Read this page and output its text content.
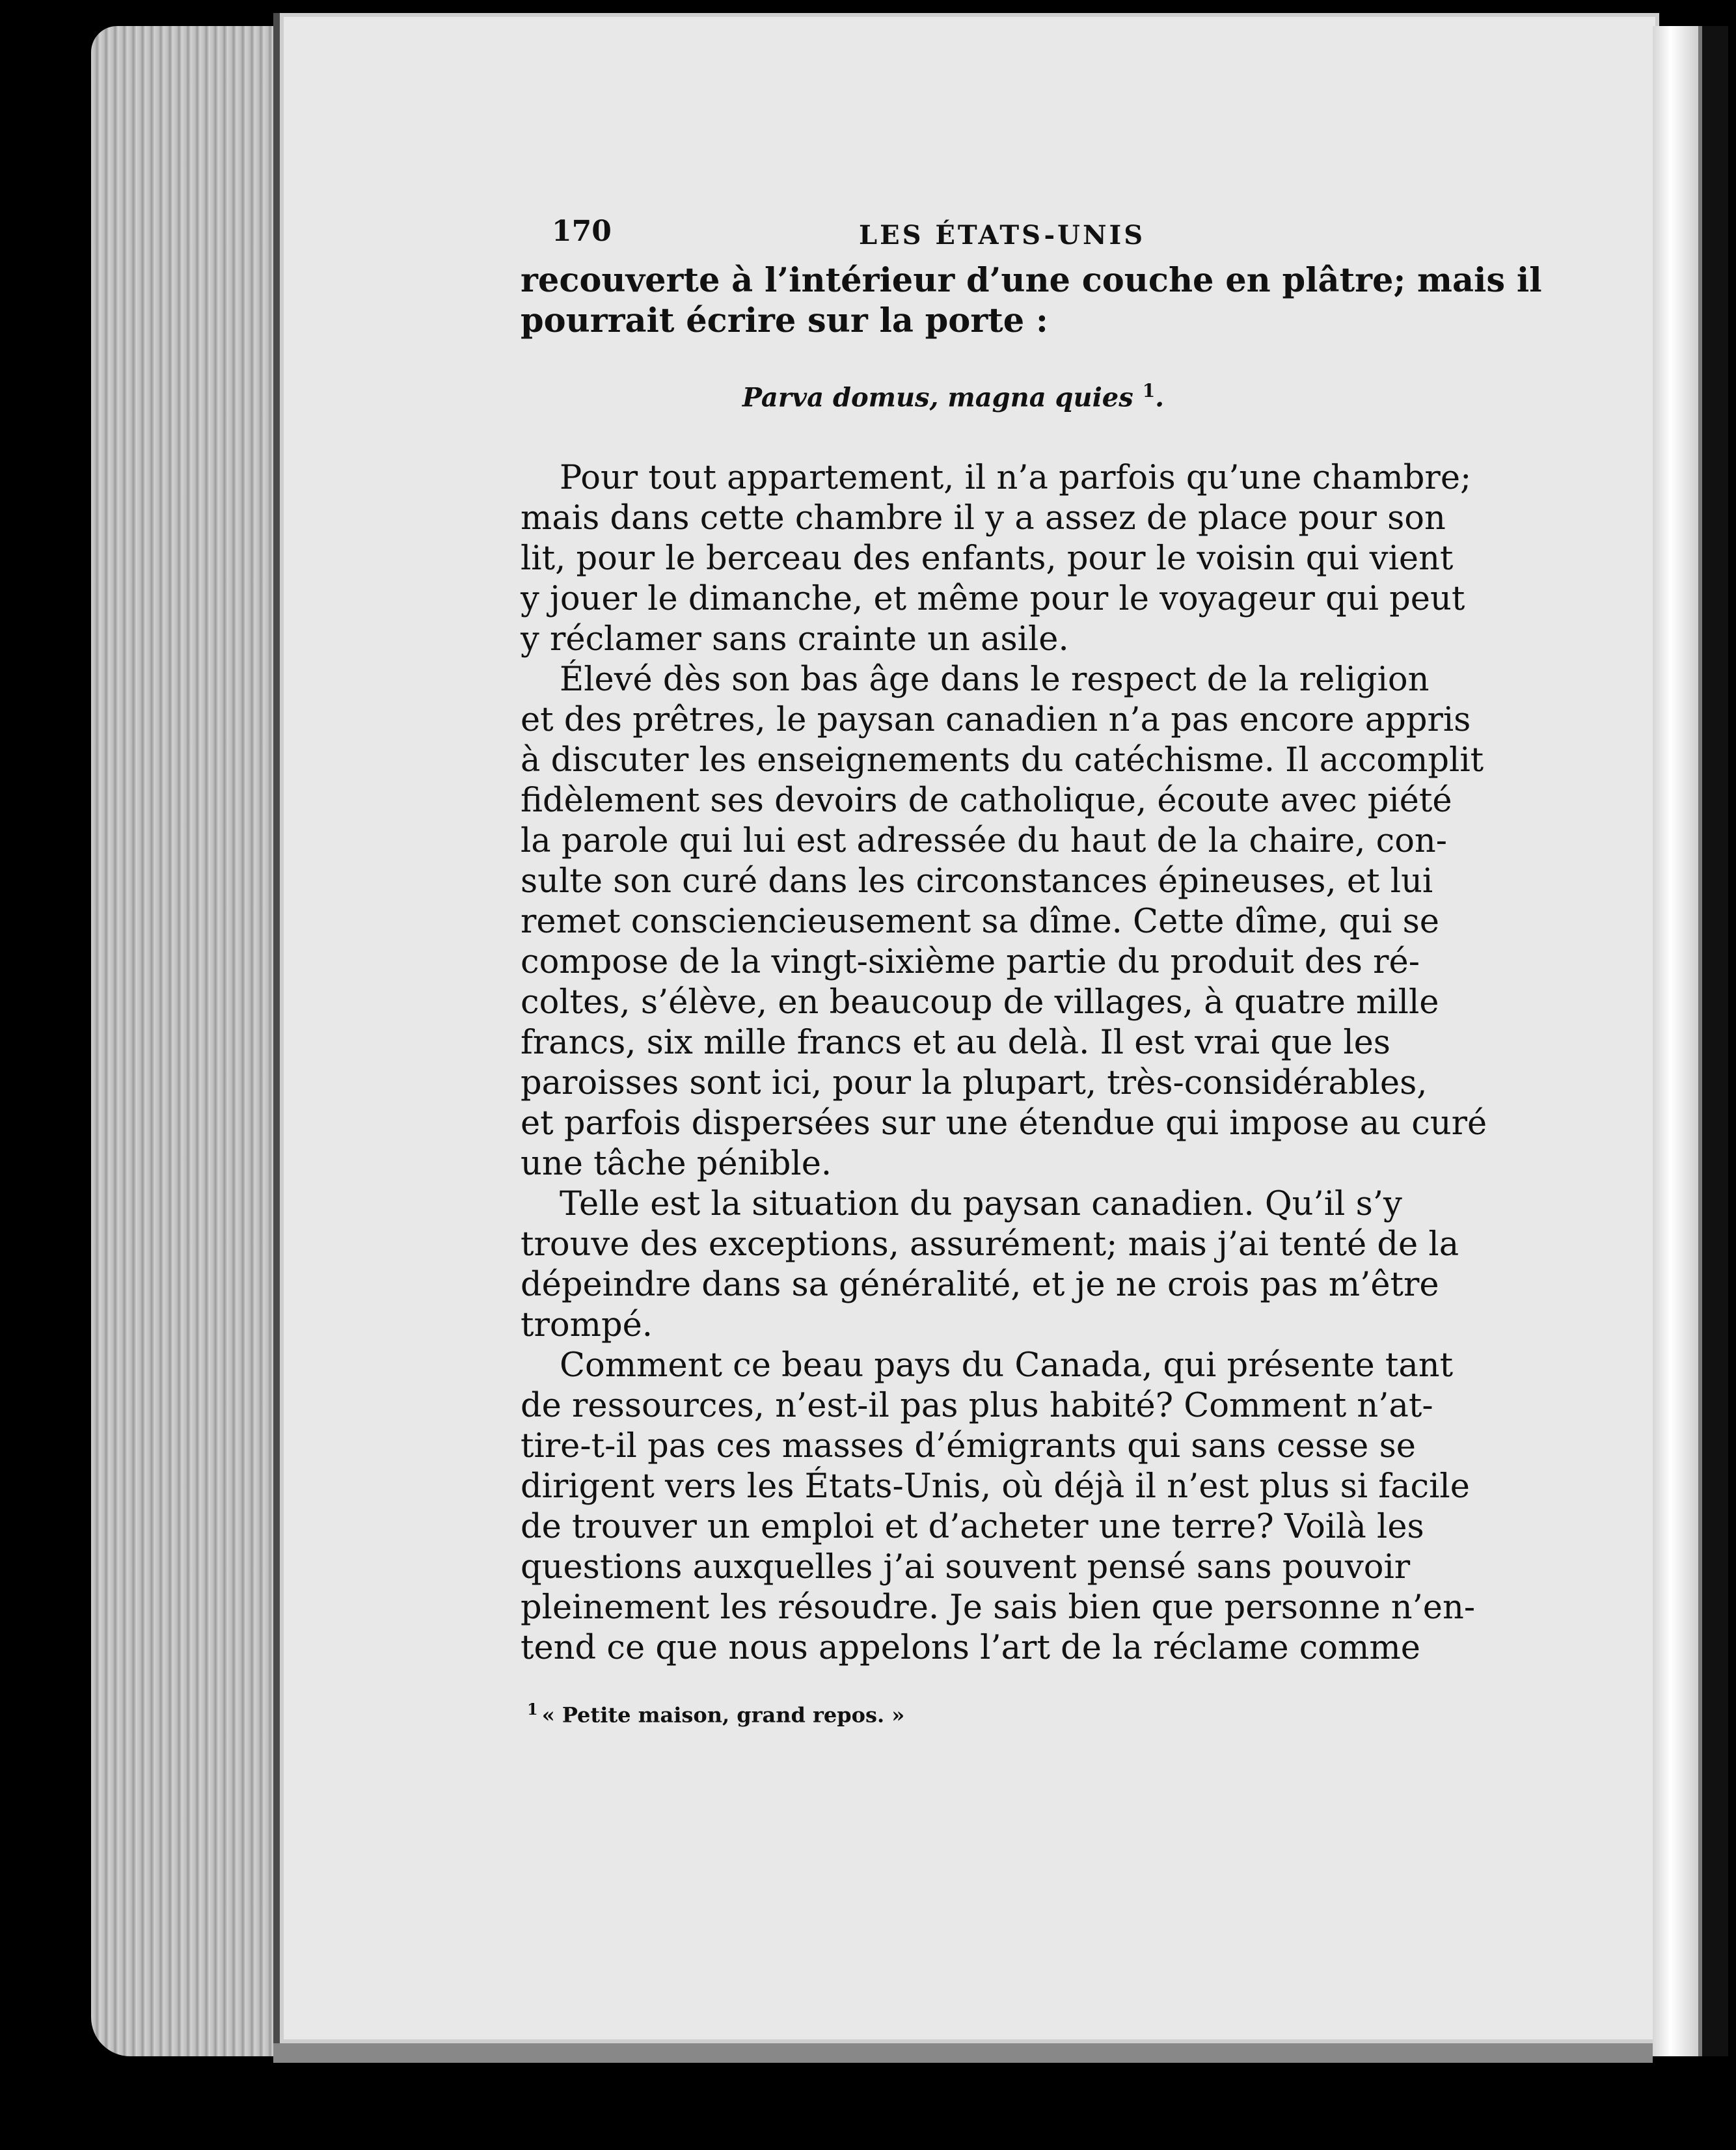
170	LES ÉTATS-UNIS

recouverte à l’intérieur d’une couche en plâtre; mais il

pourrait écrire sur la porte :

Parva domus, magna quies $^1$.

Pour tout appartement, il n’a parfois qu’une chambre;

mais dans cette chambre il y a assez de place pour son

lit, pour le berceau des enfants, pour le voisin qui vient

y jouer le dimanche, et même pour le voyageur qui peut

y réclamer sans crainte un asile.

Élevé dès son bas âge dans le respect de la religion

et des prêtres, le paysan canadien n’a pas encore appris

à discuter les enseignements du catéchisme. Il accomplit

fidèlement ses devoirs de catholique, écoute avec piété

la parole qui lui est adressée du haut de la chaire, con-

sulte son curé dans les circonstances épineuses, et lui

remet consciencieusement sa dîme. Cette dîme, qui se

compose de la vingt-sixième partie du produit des ré-

coltes, s’élève, en beaucoup de villages, à quatre mille

francs, six mille francs et au delà. Il est vrai que les

paroisses sont ici, pour la plupart, très-considérables,

et parfois dispersées sur une étendue qui impose au curé

une tâche pénible.

Telle est la situation du paysan canadien. Qu’il s’y

trouve des exceptions, assurément; mais j’ai tenté de la

dépeindre dans sa généralité, et je ne crois pas m’être

trompé.

Comment ce beau pays du Canada, qui présente tant

de ressources, n’est-il pas plus habité? Comment n’at-

tire-t-il pas ces masses d’émigrants qui sans cesse se

dirigent vers les États-Unis, où déjà il n’est plus si facile

de trouver un emploi et d’acheter une terre? Voilà les

questions auxquelles j’ai souvent pensé sans pouvoir

pleinement les résoudre. Je sais bien que personne n’en-

tend ce que nous appelons l’art de la réclame comme

$^1$ « Petite maison, grand repos. »
